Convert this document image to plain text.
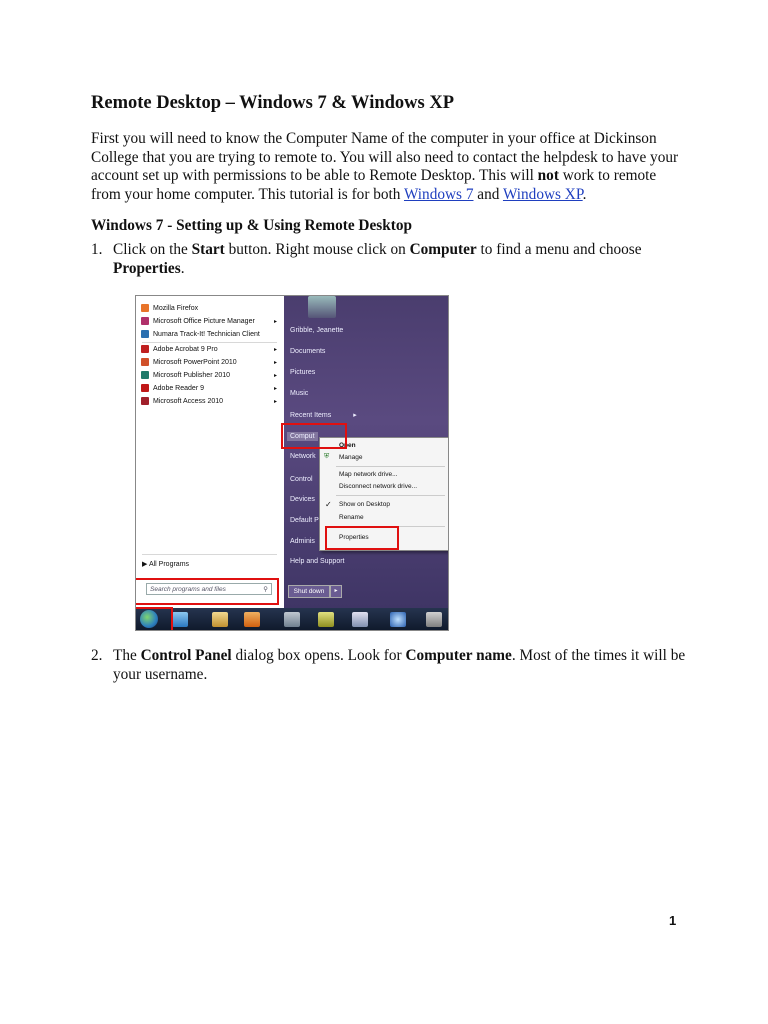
Remote Desktop – Windows 7 & Windows XP
First you will need to know the Computer Name of the computer in your office at Dickinson
College that you are trying to remote to. You will also need to contact the helpdesk to have your
account set up with permissions to be able to Remote Desktop. This will not work to remote
from your home computer. This tutorial is for both Windows 7 and Windows XP.
Windows 7 - Setting up & Using Remote Desktop
1. Click on the Start button. Right mouse click on Computer to find a menu and choose
Properties.
Mozilla Firefox
Microsoft Office Picture Manager	▸
Numara Track-It! Technician Client
Adobe Acrobat 9 Pro	▸
Microsoft PowerPoint 2010	▸
Microsoft Publisher 2010	▸
Adobe Reader 9	▸
Microsoft Access 2010	▸
▶ All Programs
Search programs and files	⚲
Gribble, Jeanette
Documents
Pictures
Music
Recent Items	▸
Comput
Network
Control
Devices
Default P
Adminis
Help and Support
Shut down	▸
Open
⛨ Manage
Map network drive...
Disconnect network drive...
✓ Show on Desktop
Rename
Properties
2. The Control Panel dialog box opens. Look for Computer name. Most of the times it will be
your username.
1
